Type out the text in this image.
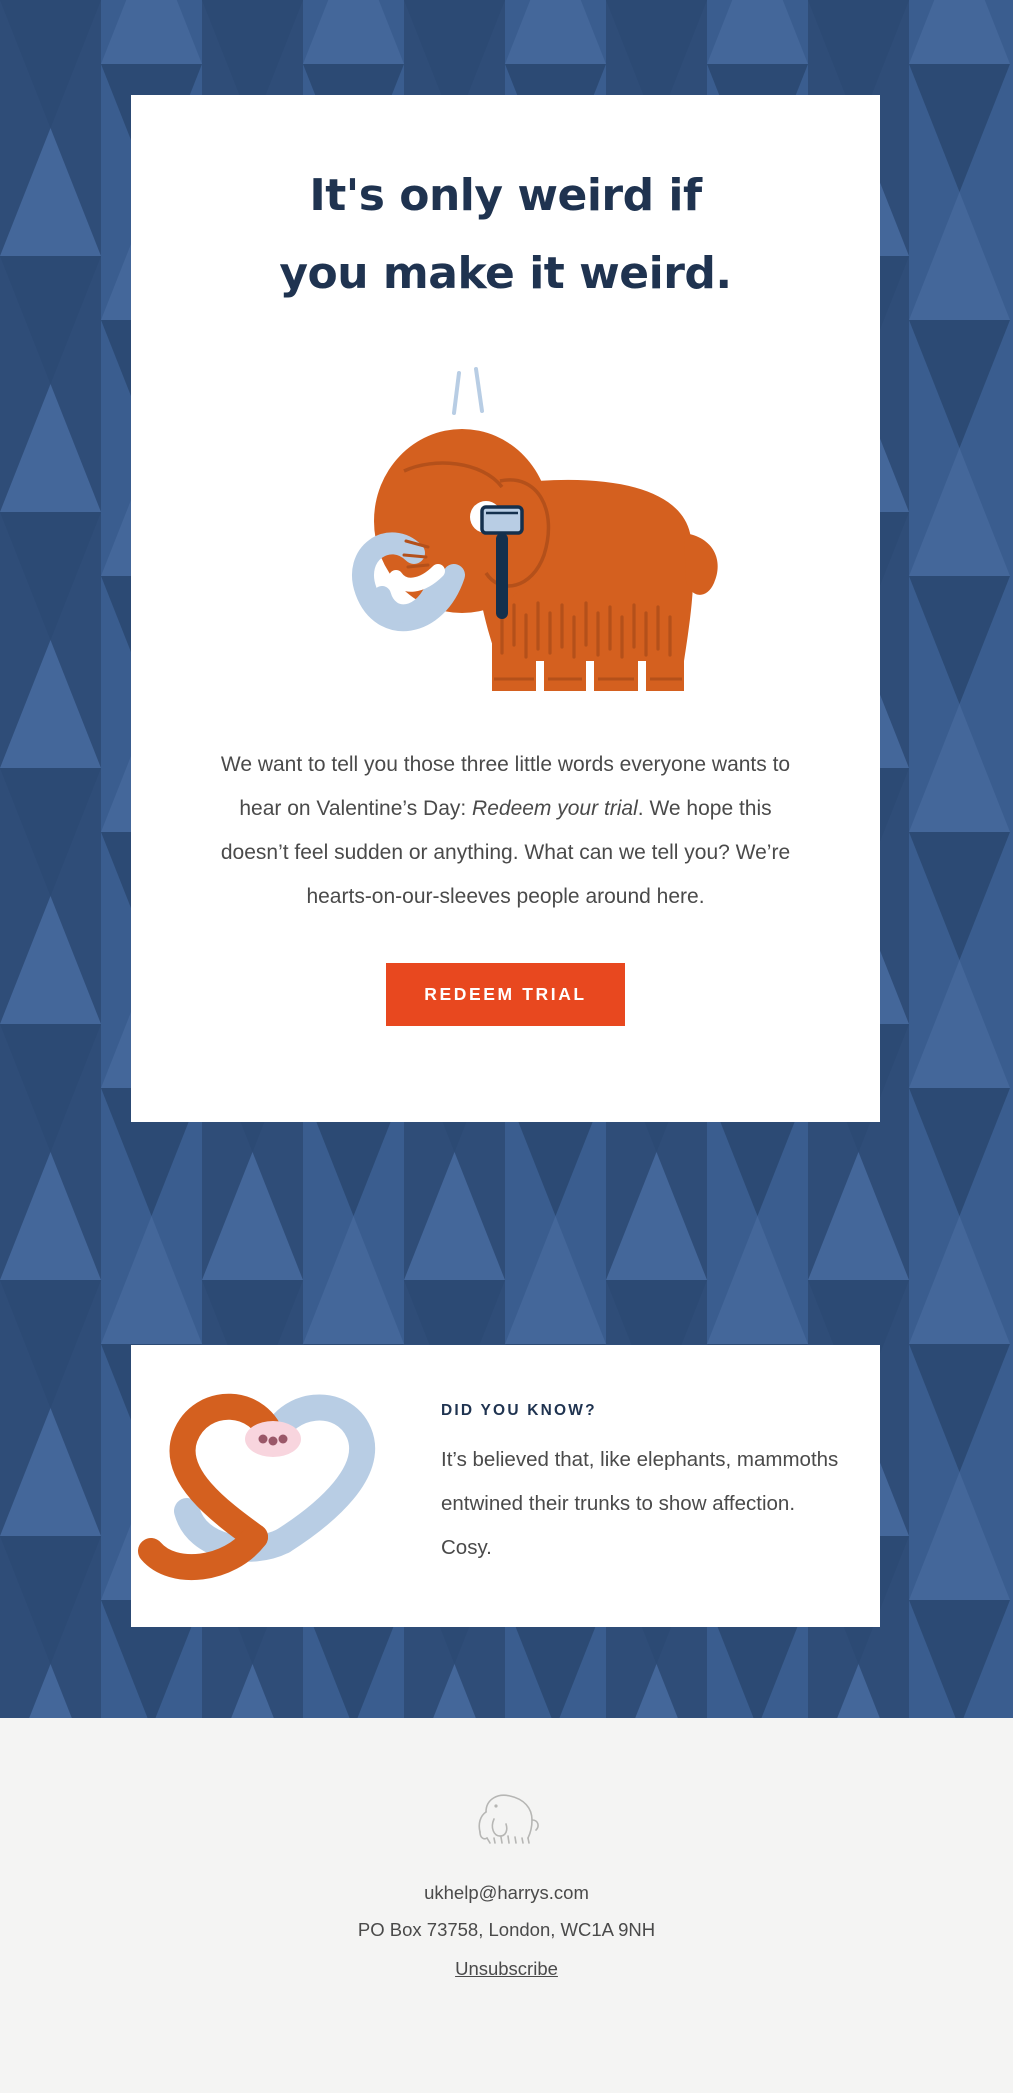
It's only weird if
you make it weird.
We want to tell you those three little words everyone wants to hear on Valentine’s Day: Redeem your trial. We hope this doesn’t feel sudden or anything. What can we tell you? We’re hearts-on-our-sleeves people around here.
REDEEM TRIAL
DID YOU KNOW?
It’s believed that, like elephants, mammoths entwined their trunks to show affection. Cosy.
ukhelp@harrys.com
PO Box 73758, London, WC1A 9NH
Unsubscribe
